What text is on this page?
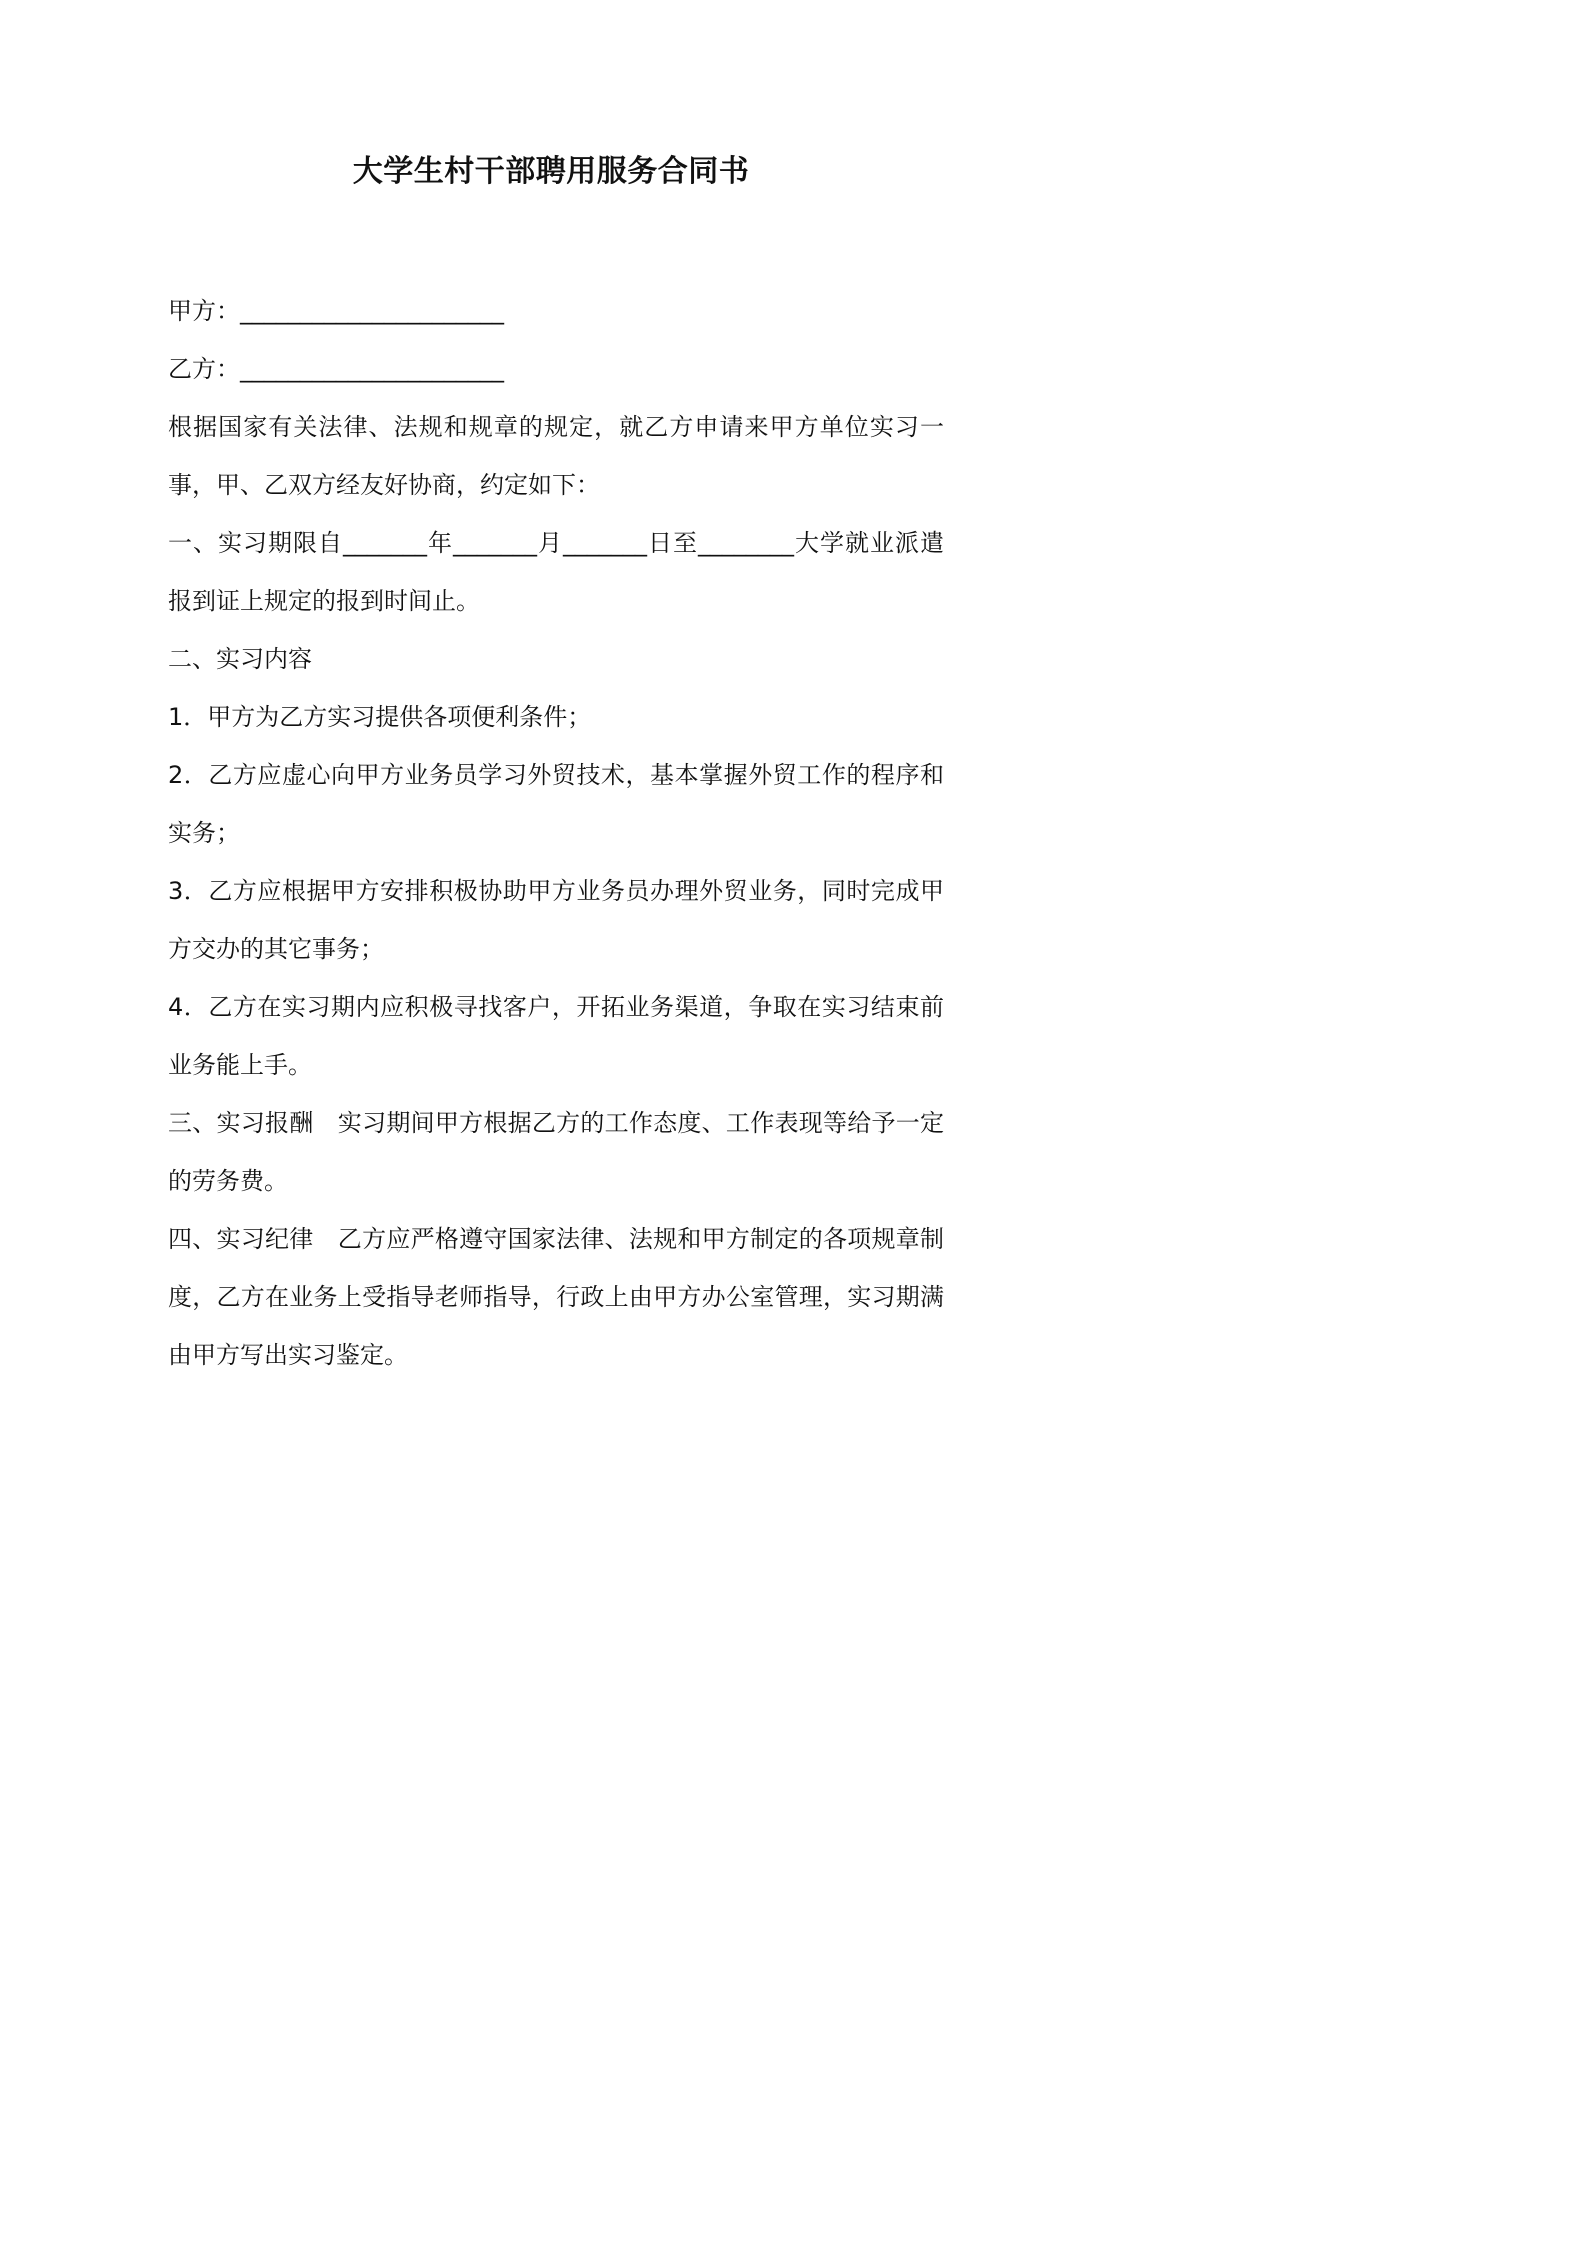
大学生村干部聘用服务合同书

甲方：______________________

乙方：______________________

根据国家有关法律、法规和规章的规定，就乙方申请来甲方单位实习一事，甲、乙双方经友好协商，约定如下：

一、实习期限自_______年_______月_______日至________大学就业派遣报到证上规定的报到时间止。

二、实习内容

1．甲方为乙方实习提供各项便利条件；

2．乙方应虚心向甲方业务员学习外贸技术，基本掌握外贸工作的程序和实务；

3．乙方应根据甲方安排积极协助甲方业务员办理外贸业务，同时完成甲方交办的其它事务；

4．乙方在实习期内应积极寻找客户，开拓业务渠道，争取在实习结束前业务能上手。

三、实习报酬　实习期间甲方根据乙方的工作态度、工作表现等给予一定的劳务费。

四、实习纪律　乙方应严格遵守国家法律、法规和甲方制定的各项规章制度，乙方在业务上受指导老师指导，行政上由甲方办公室管理，实习期满由甲方写出实习鉴定。
